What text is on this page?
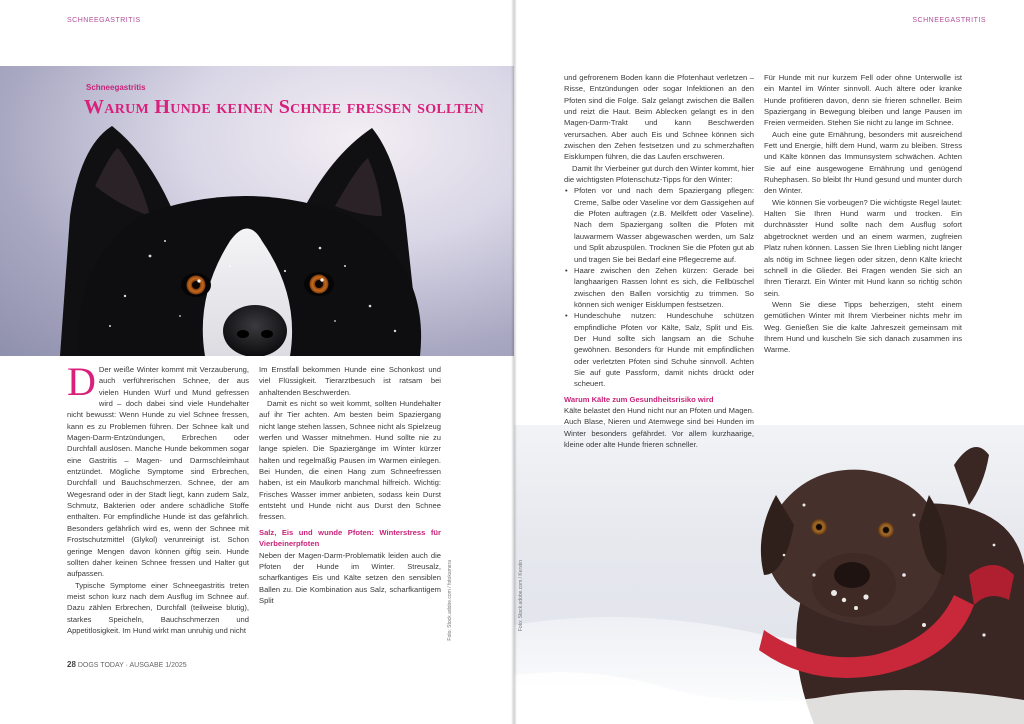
SCHNEEGASTRITIS
Schneegastritis
Warum Hunde keinen Schnee fressen sollten
D Der weiße Winter kommt mit Verzauberung, auch verführerischen Schnee, der aus vielen Hunden Wurf und Mund gefressen wird – doch dabei sind viele Hundehalter nicht bewusst: Wenn Hunde zu viel Schnee fressen, kann es zu Problemen führen. Der Schnee kalt und Magen-Darm-Entzündungen, Erbrechen oder Durchfall auslösen. Manche Hunde bekommen sogar eine Gastritis – Magen- und Darmschleimhaut entzündet. Mögliche Symptome sind Erbrechen, Durchfall und Bauchschmerzen. Schnee, der am Wegesrand oder in der Stadt liegt, kann zudem Salz, Schmutz, Bakterien oder andere schädliche Stoffe enthalten. Für empfindliche Hunde ist das gefährlich. Besonders gefährlich wird es, wenn der Schnee mit Frostschutzmittel (Glykol) verunreinigt ist. Schon geringe Mengen davon können giftig sein. Hunde sollten daher keinen Schnee fressen und Halter gut aufpassen.

Typische Symptome einer Schneegastritis treten meist schon kurz nach dem Ausflug im Schnee auf. Dazu zählen Erbrechen, Durchfall (teilweise blutig), starkes Speicheln, Bauchschmerzen und Appetitlosigkeit. Im Hund wirkt man unruhig und nicht

Im Ernstfall bekommen Hunde eine Schonkost und viel Flüssigkeit. Tierarztbesuch ist ratsam bei anhaltenden Beschwerden.

Damit es nicht so weit kommt, sollten Hundehalter auf ihr Tier achten. Am besten beim Spaziergang nicht lange stehen lassen, Schnee nicht als Spielzeug werfen und Wasser mitnehmen. Hund sollte nie zu lange spielen. Die Spaziergänge im Winter kürzer halten und regelmäßig Pausen im Warmen einlegen. Bei Hunden, die einen Hang zum Schneefressen haben, ist ein Maulkorb manchmal hilfreich. Wichtig: Frisches Wasser immer anbieten, sodass kein Durst entsteht und Hunde nicht aus Durst den Schnee fressen.

Salz, Eis und wunde Pfoten: Winterstress für Vierbeinerpfoten

Neben der Magen-Darm-Problematik leiden auch die Pfoten der Hunde im Winter. Streusalz, scharfkantiges Eis und Kälte setzen den sensiblen Ballen zu. Die Kombination aus Salz, scharfkantigem Split	Foto: Stock.adobe.com / fotokamera
28 DOGS TODAY · AUSGABE 1/2025
SCHNEEGASTRITIS

und gefrorenem Boden kann die Pfotenhaut verletzen – Risse, Entzündungen oder sogar Infektionen an den Pfoten sind die Folge. Salz gelangt zwischen die Ballen und reizt die Haut. Beim Ablecken gelangt es in den Magen-Darm-Trakt und kann Beschwerden verursachen. Aber auch Eis und Schnee können sich zwischen den Zehen festsetzen und zu schmerzhaften Eisklumpen führen, die das Laufen erschweren.

Damit Ihr Vierbeiner gut durch den Winter kommt, hier die wichtigsten Pfotenschutz-Tipps für den Winter:

• Pfoten vor und nach dem Spaziergang pflegen: Creme, Salbe oder Vaseline vor dem Gassigehen auf die Pfoten auftragen (z.B. Melkfett oder Vaseline). Nach dem Spaziergang sollten die Pfoten mit lauwarmem Wasser abgewaschen werden, um Salz und Split abzuspülen. Trocknen Sie die Pfoten gut ab und tragen Sie bei Bedarf eine Pflegecreme auf.
• Haare zwischen den Zehen kürzen: Gerade bei langhaarigen Rassen lohnt es sich, die Fellbüschel zwischen den Ballen vorsichtig zu trimmen. So können sich weniger Eisklumpen festsetzen.
• Hundeschuhe nutzen: Hundeschuhe schützen empfindliche Pfoten vor Kälte, Salz, Split und Eis. Der Hund sollte sich langsam an die Schuhe gewöhnen. Besonders für Hunde mit empfindlichen oder verletzten Pfoten sind Schuhe sinnvoll. Achten Sie auf gute Passform, damit nichts drückt oder scheuert.
Warum Kälte zum Gesundheitsrisiko wird

Kälte belastet den Hund nicht nur an Pfoten und Magen. Auch Blase, Nieren und Atemwege sind bei Hunden im Winter besonders gefährdet. Vor allem kurzhaarige, kleine oder alte Hunde frieren schneller.

Für Hunde mit nur kurzem Fell oder ohne Unterwolle ist ein Mantel im Winter sinnvoll. Auch ältere oder kranke Hunde profitieren davon, denn sie frieren schneller. Beim Spaziergang in Bewegung bleiben und lange Pausen im Freien vermeiden. Stehen Sie nicht zu lange im Schnee.

Auch eine gute Ernährung, besonders mit ausreichend Fett und Energie, hilft dem Hund, warm zu bleiben. Stress und Kälte können das Immunsystem schwächen. Achten Sie auf eine ausgewogene Ernährung und genügend Ruhephasen. So bleibt Ihr Hund gesund und munter durch den Winter.

Wie können Sie vorbeugen? Die wichtigste Regel lautet: Halten Sie Ihren Hund warm und trocken. Ein durchnässter Hund sollte nach dem Ausflug sofort abgetrocknet werden und an einem warmen, zugfreien Platz ruhen können. Lassen Sie Ihren Liebling nicht länger als nötig im Schnee liegen oder sitzen, denn Kälte kriecht schnell in die Glieder. Bei Fragen wenden Sie sich an Ihren Tierarzt. Ein Winter mit Hund kann so richtig schön sein.

Wenn Sie diese Tipps beherzigen, steht einem gemütlichen Winter mit Ihrem Vierbeiner nichts mehr im Weg. Genießen Sie die kalte Jahreszeit gemeinsam mit Ihrem Hund und kuscheln Sie sich danach zusammen ins Warme.

Foto: Stock.adobe.com / Kerstin
